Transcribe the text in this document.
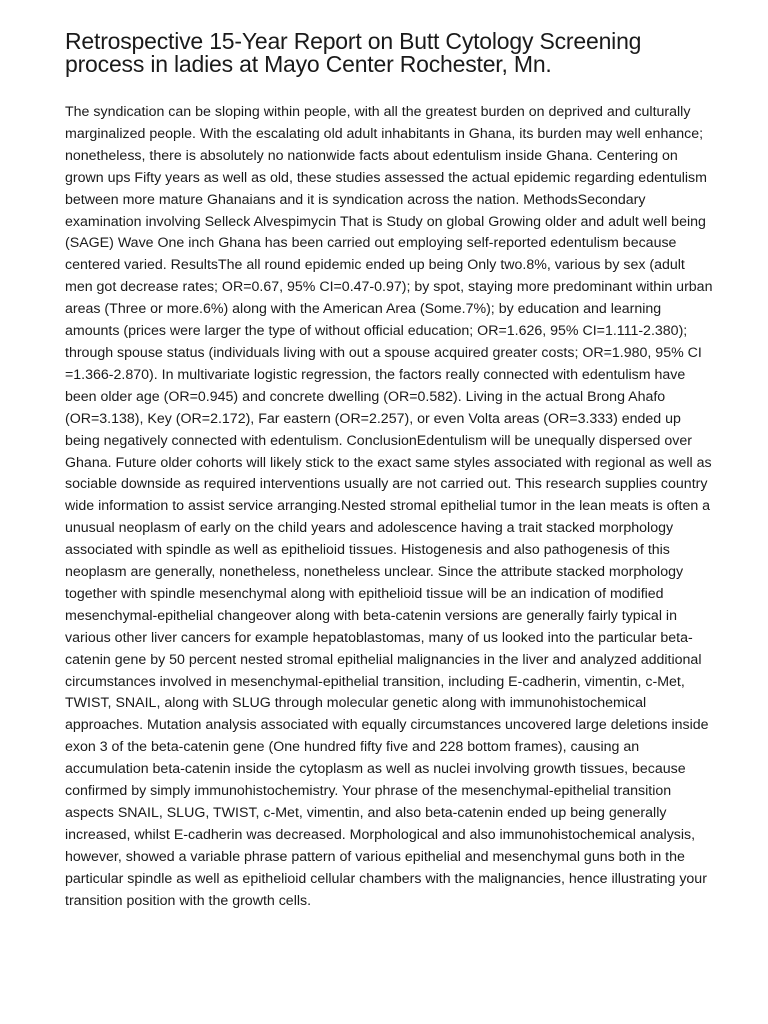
Retrospective 15-Year Report on Butt Cytology Screening process in ladies at Mayo Center Rochester, Mn.

The syndication can be sloping within people, with all the greatest burden on deprived and culturally marginalized people. With the escalating old adult inhabitants in Ghana, its burden may well enhance; nonetheless, there is absolutely no nationwide facts about edentulism inside Ghana. Centering on grown ups Fifty years as well as old, these studies assessed the actual epidemic regarding edentulism between more mature Ghanaians and it is syndication across the nation. MethodsSecondary examination involving Selleck Alvespimycin That is Study on global Growing older and adult well being (SAGE) Wave One inch Ghana has been carried out employing self-reported edentulism because centered varied. ResultsThe all round epidemic ended up being Only two.8%, various by sex (adult men got decrease rates; OR=0.67, 95% CI=0.47-0.97); by spot, staying more predominant within urban areas (Three or more.6%) along with the American Area (Some.7%); by education and learning amounts (prices were larger the type of without official education; OR=1.626, 95% CI=1.111-2.380); through spouse status (individuals living with out a spouse acquired greater costs; OR=1.980, 95% CI =1.366-2.870). In multivariate logistic regression, the factors really connected with edentulism have been older age (OR=0.945) and concrete dwelling (OR=0.582). Living in the actual Brong Ahafo (OR=3.138), Key (OR=2.172), Far eastern (OR=2.257), or even Volta areas (OR=3.333) ended up being negatively connected with edentulism. ConclusionEdentulism will be unequally dispersed over Ghana. Future older cohorts will likely stick to the exact same styles associated with regional as well as sociable downside as required interventions usually are not carried out. This research supplies country wide information to assist service arranging.Nested stromal epithelial tumor in the lean meats is often a unusual neoplasm of early on the child years and adolescence having a trait stacked morphology associated with spindle as well as epithelioid tissues. Histogenesis and also pathogenesis of this neoplasm are generally, nonetheless, nonetheless unclear. Since the attribute stacked morphology together with spindle mesenchymal along with epithelioid tissue will be an indication of modified mesenchymal-epithelial changeover along with beta-catenin versions are generally fairly typical in various other liver cancers for example hepatoblastomas, many of us looked into the particular beta-catenin gene by 50 percent nested stromal epithelial malignancies in the liver and analyzed additional circumstances involved in mesenchymal-epithelial transition, including E-cadherin, vimentin, c-Met, TWIST, SNAIL, along with SLUG through molecular genetic along with immunohistochemical approaches. Mutation analysis associated with equally circumstances uncovered large deletions inside exon 3 of the beta-catenin gene (One hundred fifty five and 228 bottom frames), causing an accumulation beta-catenin inside the cytoplasm as well as nuclei involving growth tissues, because confirmed by simply immunohistochemistry. Your phrase of the mesenchymal-epithelial transition aspects SNAIL, SLUG, TWIST, c-Met, vimentin, and also beta-catenin ended up being generally increased, whilst E-cadherin was decreased. Morphological and also immunohistochemical analysis, however, showed a variable phrase pattern of various epithelial and mesenchymal guns both in the particular spindle as well as epithelioid cellular chambers with the malignancies, hence illustrating your transition position with the growth cells.
